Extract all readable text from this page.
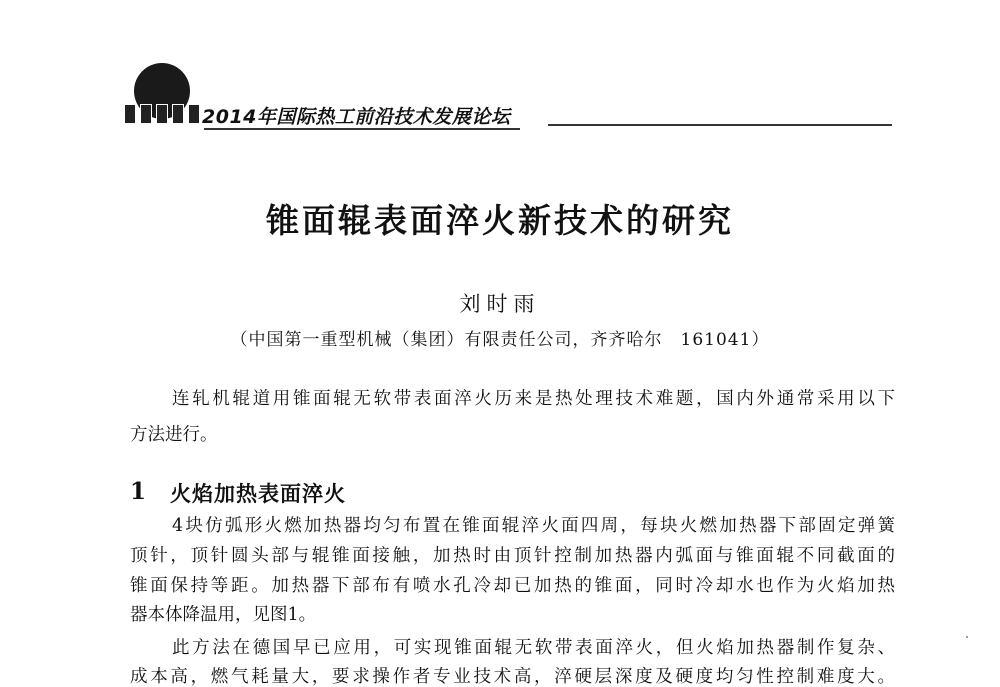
2014年国际热工前沿技术发展论坛
锥面辊表面淬火新技术的研究
刘时雨
（中国第一重型机械（集团）有限责任公司，齐齐哈尔　161041）
连轧机辊道用锥面辊无软带表面淬火历来是热处理技术难题，国内外通常采用以下
方法进行。
1 火焰加热表面淬火
4块仿弧形火燃加热器均匀布置在锥面辊淬火面四周，每块火燃加热器下部固定弹簧
顶针，顶针圆头部与辊锥面接触，加热时由顶针控制加热器内弧面与锥面辊不同截面的
锥面保持等距。加热器下部布有喷水孔冷却已加热的锥面，同时冷却水也作为火焰加热
器本体降温用，见图1。
此方法在德国早已应用，可实现锥面辊无软带表面淬火，但火焰加热器制作复杂、
成本高，燃气耗量大，要求操作者专业技术高，淬硬层深度及硬度均匀性控制难度大。
